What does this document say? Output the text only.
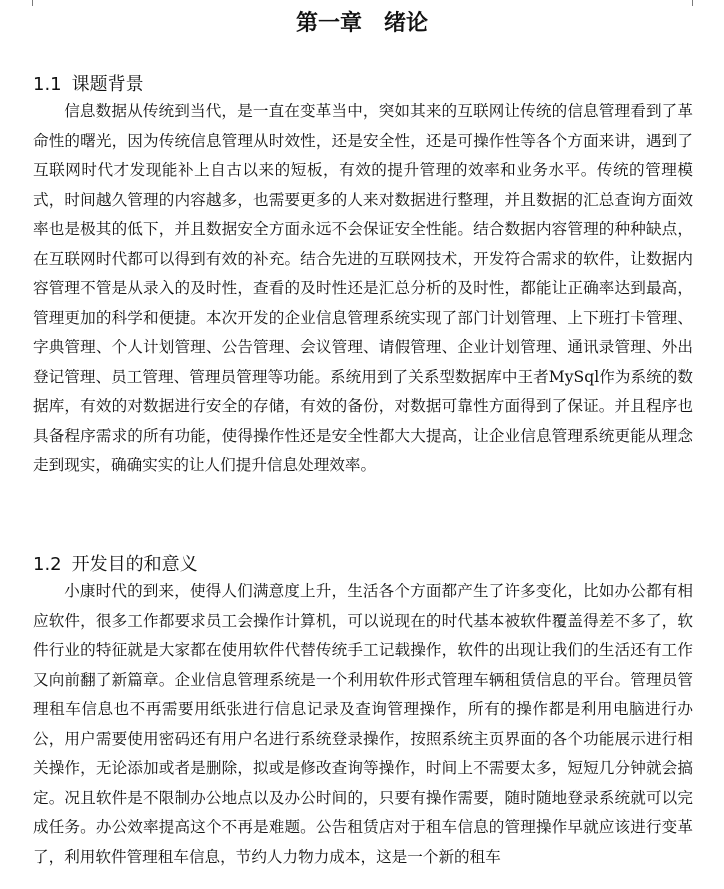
第一章　绪论
1.1 课题背景

信息数据从传统到当代，是一直在变革当中，突如其来的互联网让传统的信息管理看到了革命性的曙光，因为传统信息管理从时效性，还是安全性，还是可操作性等各个方面来讲，遇到了互联网时代才发现能补上自古以来的短板，有效的提升管理的效率和业务水平。传统的管理模式，时间越久管理的内容越多，也需要更多的人来对数据进行整理，并且数据的汇总查询方面效率也是极其的低下，并且数据安全方面永远不会保证安全性能。结合数据内容管理的种种缺点，在互联网时代都可以得到有效的补充。结合先进的互联网技术，开发符合需求的软件，让数据内容管理不管是从录入的及时性，查看的及时性还是汇总分析的及时性，都能让正确率达到最高，管理更加的科学和便捷。本次开发的企业信息管理系统实现了部门计划管理、上下班打卡管理、字典管理、个人计划管理、公告管理、会议管理、请假管理、企业计划管理、通讯录管理、外出登记管理、员工管理、管理员管理等功能。系统用到了关系型数据库中王者MySql作为系统的数据库，有效的对数据进行安全的存储，有效的备份，对数据可靠性方面得到了保证。并且程序也具备程序需求的所有功能，使得操作性还是安全性都大大提高，让企业信息管理系统更能从理念走到现实，确确实实的让人们提升信息处理效率。

1.2 开发目的和意义

小康时代的到来，使得人们满意度上升，生活各个方面都产生了许多变化，比如办公都有相应软件，很多工作都要求员工会操作计算机，可以说现在的时代基本被软件覆盖得差不多了，软件行业的特征就是大家都在使用软件代替传统手工记载操作，软件的出现让我们的生活还有工作又向前翻了新篇章。企业信息管理系统是一个利用软件形式管理车辆租赁信息的平台。管理员管理租车信息也不再需要用纸张进行信息记录及查询管理操作，所有的操作都是利用电脑进行办公，用户需要使用密码还有用户名进行系统登录操作，按照系统主页界面的各个功能展示进行相关操作，无论添加或者是删除，拟或是修改查询等操作，时间上不需要太多，短短几分钟就会搞定。况且软件是不限制办公地点以及办公时间的，只要有操作需要，随时随地登录系统就可以完成任务。办公效率提高这个不再是难题。公告租赁店对于租车信息的管理操作早就应该进行变革了，利用软件管理租车信息，节约人力物力成本，这是一个新的租车
